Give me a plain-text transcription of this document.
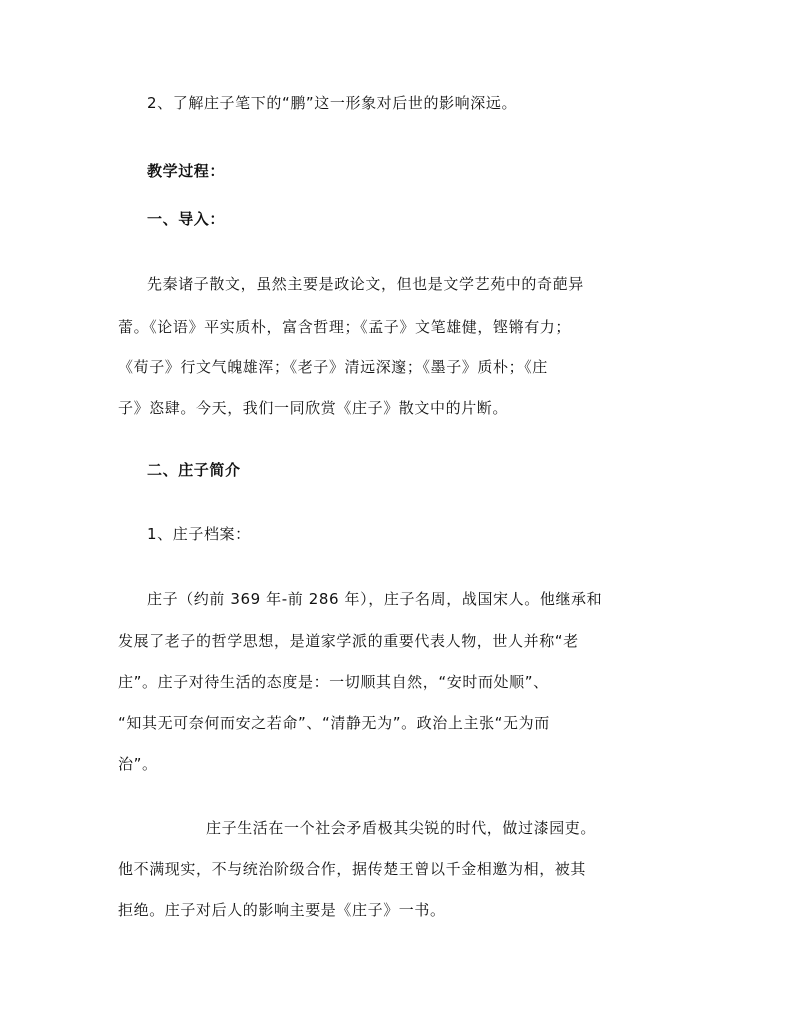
2、了解庄子笔下的“鹏”这一形象对后世的影响深远。
教学过程：
一、导入：
先秦诸子散文，虽然主要是政论文，但也是文学艺苑中的奇葩异
蕾。《论语》平实质朴，富含哲理；《孟子》文笔雄健，铿锵有力；
《荀子》行文气魄雄浑；《老子》清远深邃；《墨子》质朴；《庄
子》恣肆。今天，我们一同欣赏《庄子》散文中的片断。
二、庄子简介
1、庄子档案：
庄子（约前 369 年-前 286 年），庄子名周，战国宋人。他继承和
发展了老子的哲学思想，是道家学派的重要代表人物，世人并称“老
庄”。庄子对待生活的态度是：一切顺其自然，“安时而处顺”、
“知其无可奈何而安之若命”、“清静无为”。政治上主张“无为而
治”。
庄子生活在一个社会矛盾极其尖锐的时代，做过漆园吏。
他不满现实，不与统治阶级合作，据传楚王曾以千金相邀为相，被其
拒绝。庄子对后人的影响主要是《庄子》一书。
